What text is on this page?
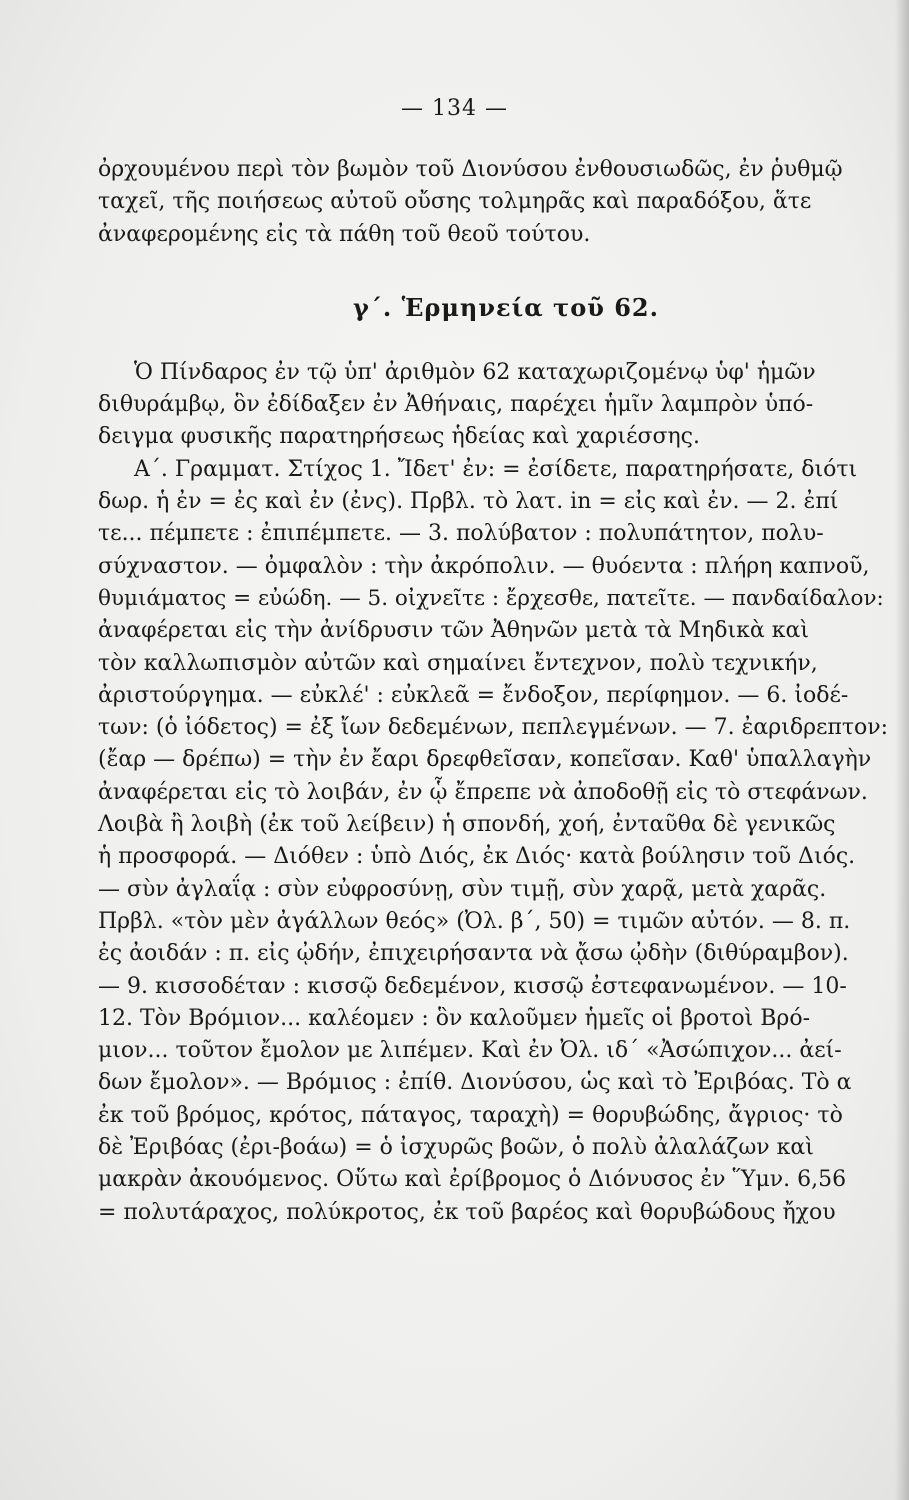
— 134 —
ὀρχουμένου περὶ τὸν βωμὸν τοῦ Διονύσου ἐνθουσιωδῶς, ἐν ῥυθμῷ
ταχεῖ, τῆς ποιήσεως αὐτοῦ οὔσης τολμηρᾶς καὶ παραδόξου, ἅτε
ἀναφερομένης εἰς τὰ πάθη τοῦ θεοῦ τούτου.
γ΄. Ἑρμηνεία τοῦ 62.
Ὁ Πίνδαρος ἐν τῷ ὑπ' ἀριθμὸν 62 καταχωριζομένῳ ὑφ' ἡμῶν
διθυράμβῳ, ὃν ἐδίδαξεν ἐν Ἀθήναις, παρέχει ἡμῖν λαμπρὸν ὑπό-
δειγμα φυσικῆς παρατηρήσεως ἡδείας καὶ χαριέσσης.
Α΄. Γραμματ. Στίχος 1. Ἴδετ' ἐν: = ἐσίδετε, παρατηρήσατε, διότι
δωρ. ἡ ἐν = ἐς καὶ ἐν (ἐνς). Πρβλ. τὸ λατ. in = εἰς καὶ ἐν. — 2. ἐπί
τε... πέμπετε : ἐπιπέμπετε. — 3. πολύβατον : πολυπάτητον, πολυ-
σύχναστον. — ὀμφαλὸν : τὴν ἀκρόπολιν. — θυόεντα : πλήρη καπνοῦ,
θυμιάματος = εὐώδη. — 5. οἰχνεῖτε : ἔρχεσθε, πατεῖτε. — πανδαίδαλον:
ἀναφέρεται εἰς τὴν ἀνίδρυσιν τῶν Ἀθηνῶν μετὰ τὰ Μηδικὰ καὶ
τὸν καλλωπισμὸν αὐτῶν καὶ σημαίνει ἔντεχνον, πολὺ τεχνικήν,
ἀριστούργημα. — εὐκλέ' : εὐκλεᾶ = ἔνδοξον, περίφημον. — 6. ἰοδέ-
των: (ὁ ἰόδετος) = ἐξ ἴων δεδεμένων, πεπλεγμένων. — 7. ἐαριδρεπτον:
(ἔαρ — δρέπω) = τὴν ἐν ἔαρι δρεφθεῖσαν, κοπεῖσαν. Καθ' ὑπαλλαγὴν
ἀναφέρεται εἰς τὸ λοιβάν, ἐν ᾧ ἔπρεπε νὰ ἀποδοθῇ εἰς τὸ στεφάνων.
Λοιβὰ ἢ λοιβὴ (ἐκ τοῦ λείβειν) ἡ σπονδή, χοή, ἐνταῦθα δὲ γενικῶς
ἡ προσφορά. — Διόθεν : ὑπὸ Διός, ἐκ Διός· κατὰ βούλησιν τοῦ Διός.
— σὺν ἀγλαΐᾳ : σὺν εὐφροσύνῃ, σὺν τιμῇ, σὺν χαρᾷ, μετὰ χαρᾶς.
Πρβλ. «τὸν μὲν ἀγάλλων θεός» (Ὀλ. β΄, 50) = τιμῶν αὐτόν. — 8. π.
ἐς ἀοιδάν : π. εἰς ᾠδήν, ἐπιχειρήσαντα νὰ ᾄσω ᾠδὴν (διθύραμβον).
— 9. κισσοδέταν : κισσῷ δεδεμένον, κισσῷ ἐστεφανωμένον. — 10-
12. Τὸν Βρόμιον... καλέομεν : ὃν καλοῦμεν ἡμεῖς οἱ βροτοὶ Βρό-
μιον... τοῦτον ἔμολον με λιπέμεν. Καὶ ἐν Ὀλ. ιδ΄ «Ἀσώπιχον... ἀεί-
δων ἔμολον». — Βρόμιος : ἐπίθ. Διονύσου, ὡς καὶ τὸ Ἐριβόας. Τὸ α
ἐκ τοῦ βρόμος, κρότος, πάταγος, ταραχὴ) = θορυβώδης, ἄγριος· τὸ
δὲ Ἐριβόας (ἐρι-βοάω) = ὁ ἰσχυρῶς βοῶν, ὁ πολὺ ἀλαλάζων καὶ
μακρὰν ἀκουόμενος. Οὕτω καὶ ἐρίβρομος ὁ Διόνυσος ἐν Ὕμν. 6,56
= πολυτάραχος, πολύκροτος, ἐκ τοῦ βαρέος καὶ θορυβώδους ἤχου
